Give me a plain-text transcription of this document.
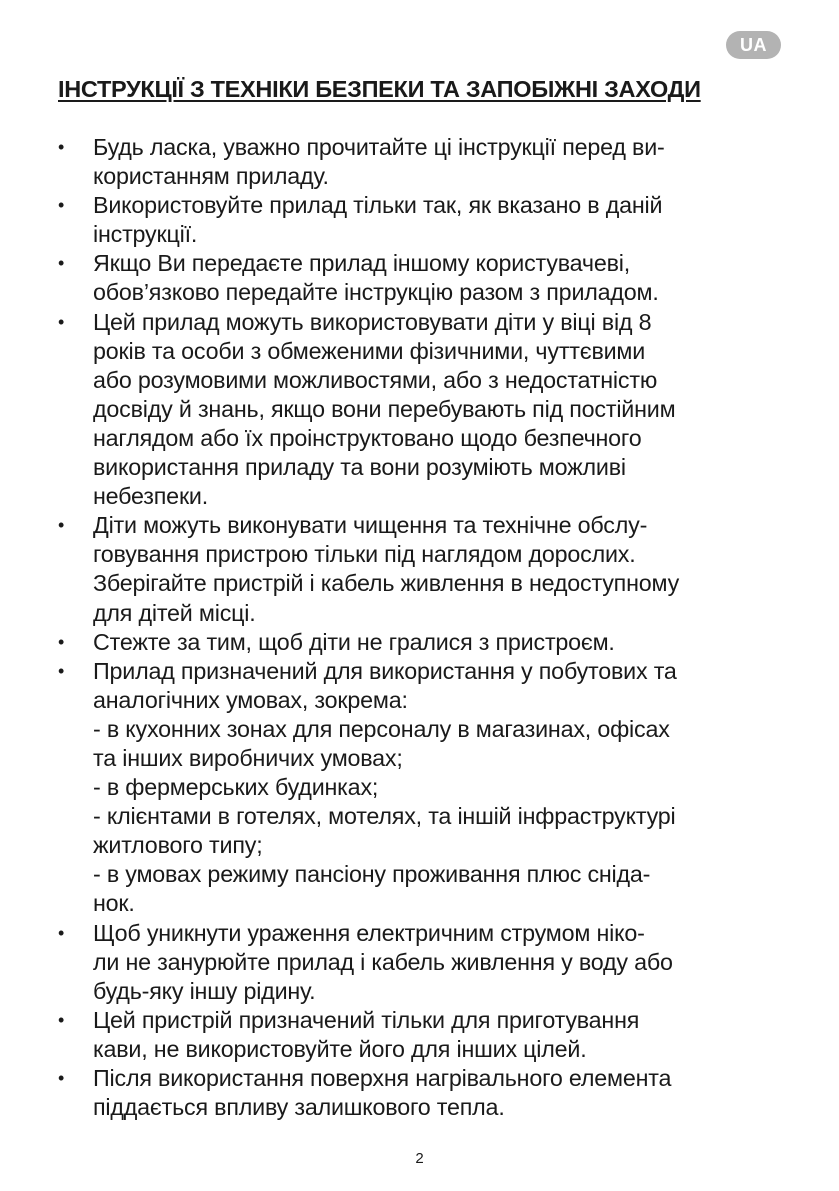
UA
ІНСТРУКЦІЇ З ТЕХНІКИ БЕЗПЕКИ ТА ЗАПОБІЖНІ ЗАХОДИ
• Будь ласка, уважно прочитайте ці інструкції перед ви-
користанням приладу.
• Використовуйте прилад тільки так, як вказано в даній
інструкції.
• Якщо Ви передаєте прилад іншому користувачеві,
обов’язково передайте інструкцію разом з приладом.
• Цей прилад можуть використовувати діти у віці від 8
років та особи з обмеженими фізичними, чуттєвими
або розумовими можливостями, або з недостатністю
досвіду й знань, якщо вони перебувають під постійним
наглядом або їх проінструктовано щодо безпечного
використання приладу та вони розуміють можливі
небезпеки.
• Діти можуть виконувати чищення та технічне обслу-
говування пристрою тільки під наглядом дорослих.
Зберігайте пристрій і кабель живлення в недоступному
для дітей місці.
• Стежте за тим, щоб діти не гралися з пристроєм.
• Прилад призначений для використання у побутових та
аналогічних умовах, зокрема:
- в кухонних зонах для персоналу в магазинах, офісах
та інших виробничих умовах;
- в фермерських будинках;
- клієнтами в готелях, мотелях, та іншій інфраструктурі
житлового типу;
- в умовах режиму пансіону проживання плюс сніда-
нок.
• Щоб уникнути ураження електричним струмом ніко-
ли не занурюйте прилад і кабель живлення у воду або
будь-яку іншу рідину.
• Цей пристрій призначений тільки для приготування
кави, не використовуйте його для інших цілей.
• Після використання поверхня нагрівального елемента
піддається впливу залишкового тепла.
2
